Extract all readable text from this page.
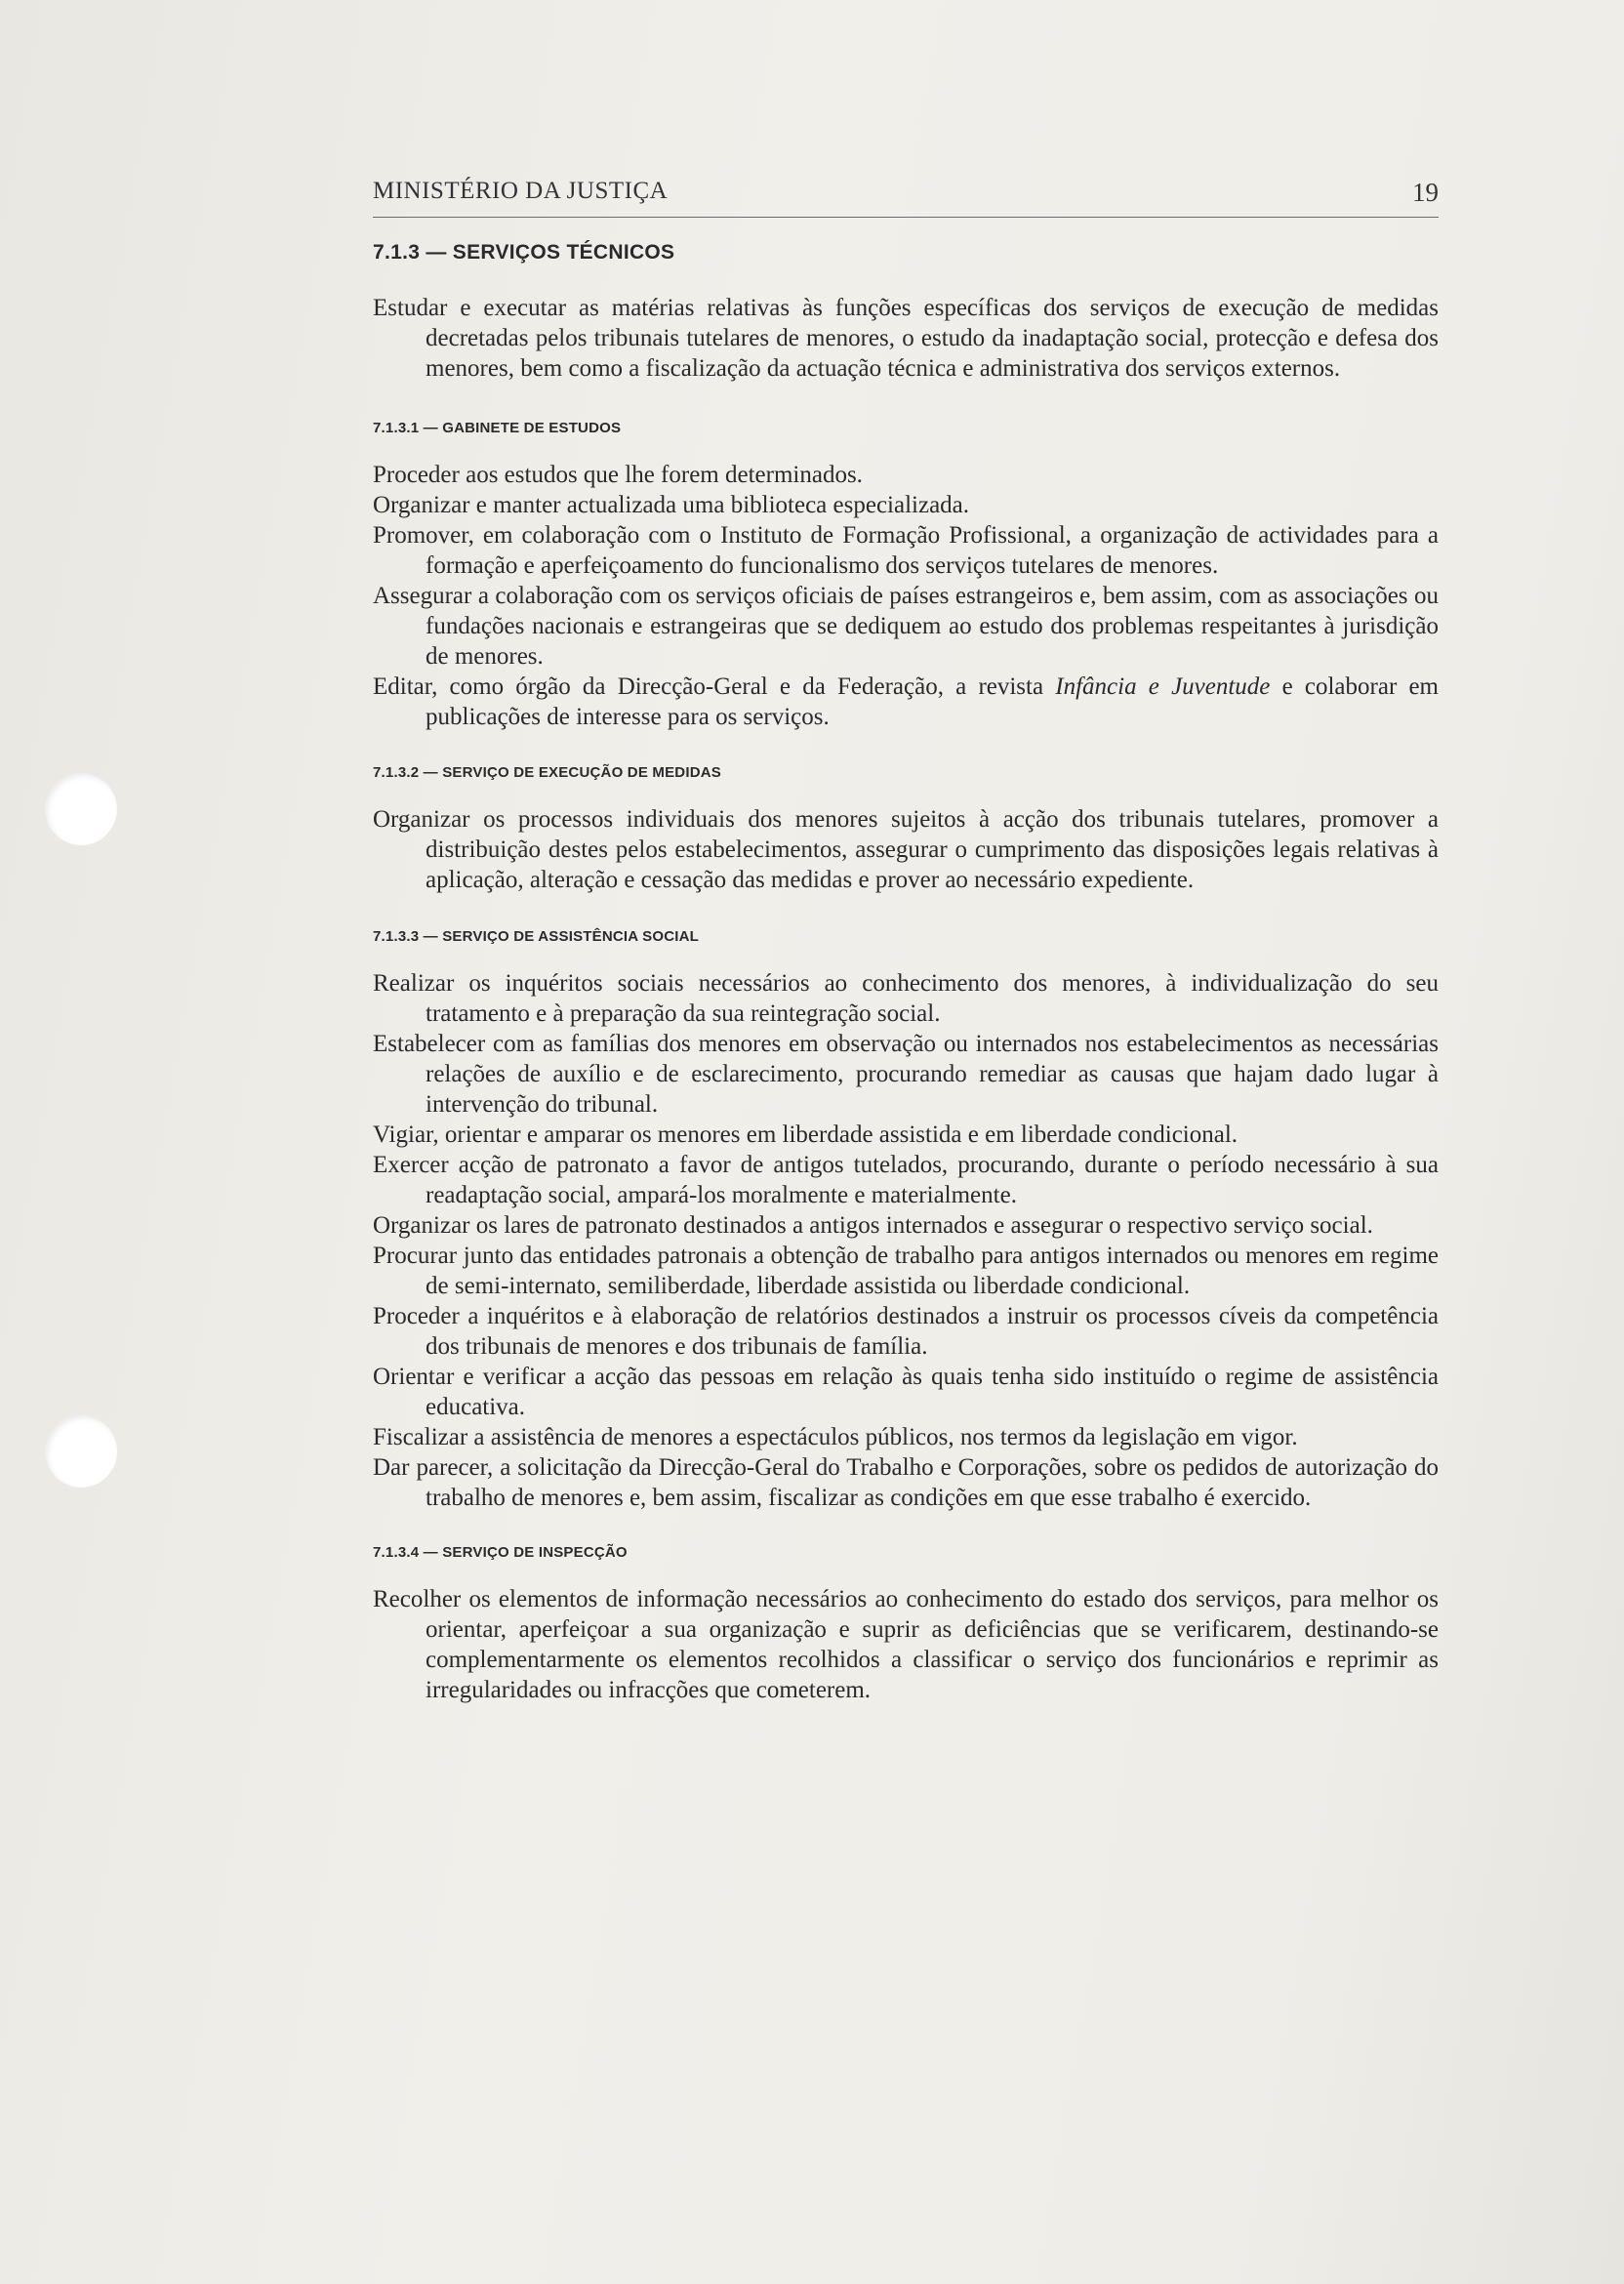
MINISTÉRIO DA JUSTIÇA	19
7.1.3 — SERVIÇOS TÉCNICOS

Estudar e executar as matérias relativas às funções específicas dos serviços de execução de medidas decretadas pelos tribunais tutelares de menores, o estudo da inadaptação social, protecção e defesa dos menores, bem como a fiscalização da actuação técnica e administrativa dos serviços externos.

7.1.3.1 — GABINETE DE ESTUDOS

Proceder aos estudos que lhe forem determinados.

Organizar e manter actualizada uma biblioteca especializada.

Promover, em colaboração com o Instituto de Formação Profissional, a organização de actividades para a formação e aperfeiçoamento do funcionalismo dos serviços tutelares de menores.

Assegurar a colaboração com os serviços oficiais de países estrangeiros e, bem assim, com as associações ou fundações nacionais e estrangeiras que se dediquem ao estudo dos problemas respeitantes à jurisdição de menores.

Editar, como órgão da Direcção-Geral e da Federação, a revista Infância e Juventude e colaborar em publicações de interesse para os serviços.

7.1.3.2 — SERVIÇO DE EXECUÇÃO DE MEDIDAS

Organizar os processos individuais dos menores sujeitos à acção dos tribunais tutelares, promover a distribuição destes pelos estabelecimentos, assegurar o cumprimento das disposições legais relativas à aplicação, alteração e cessação das medidas e prover ao necessário expediente.

7.1.3.3 — SERVIÇO DE ASSISTÊNCIA SOCIAL

Realizar os inquéritos sociais necessários ao conhecimento dos menores, à individualização do seu tratamento e à preparação da sua reintegração social.

Estabelecer com as famílias dos menores em observação ou internados nos estabelecimentos as necessárias relações de auxílio e de esclarecimento, procurando remediar as causas que hajam dado lugar à intervenção do tribunal.

Vigiar, orientar e amparar os menores em liberdade assistida e em liberdade condicional.

Exercer acção de patronato a favor de antigos tutelados, procurando, durante o período necessário à sua readaptação social, ampará-los moralmente e materialmente.

Organizar os lares de patronato destinados a antigos internados e assegurar o respectivo serviço social.

Procurar junto das entidades patronais a obtenção de trabalho para antigos internados ou menores em regime de semi-internato, semiliberdade, liberdade assistida ou liberdade condicional.

Proceder a inquéritos e à elaboração de relatórios destinados a instruir os processos cíveis da competência dos tribunais de menores e dos tribunais de família.

Orientar e verificar a acção das pessoas em relação às quais tenha sido instituído o regime de assistência educativa.

Fiscalizar a assistência de menores a espectáculos públicos, nos termos da legislação em vigor.

Dar parecer, a solicitação da Direcção-Geral do Trabalho e Corporações, sobre os pedidos de autorização do trabalho de menores e, bem assim, fiscalizar as condições em que esse trabalho é exercido.

7.1.3.4 — SERVIÇO DE INSPECÇÃO

Recolher os elementos de informação necessários ao conhecimento do estado dos serviços, para melhor os orientar, aperfeiçoar a sua organização e suprir as deficiências que se verificarem, destinando-se complementarmente os elementos recolhidos a classificar o serviço dos funcionários e reprimir as irregularidades ou infracções que cometerem.
